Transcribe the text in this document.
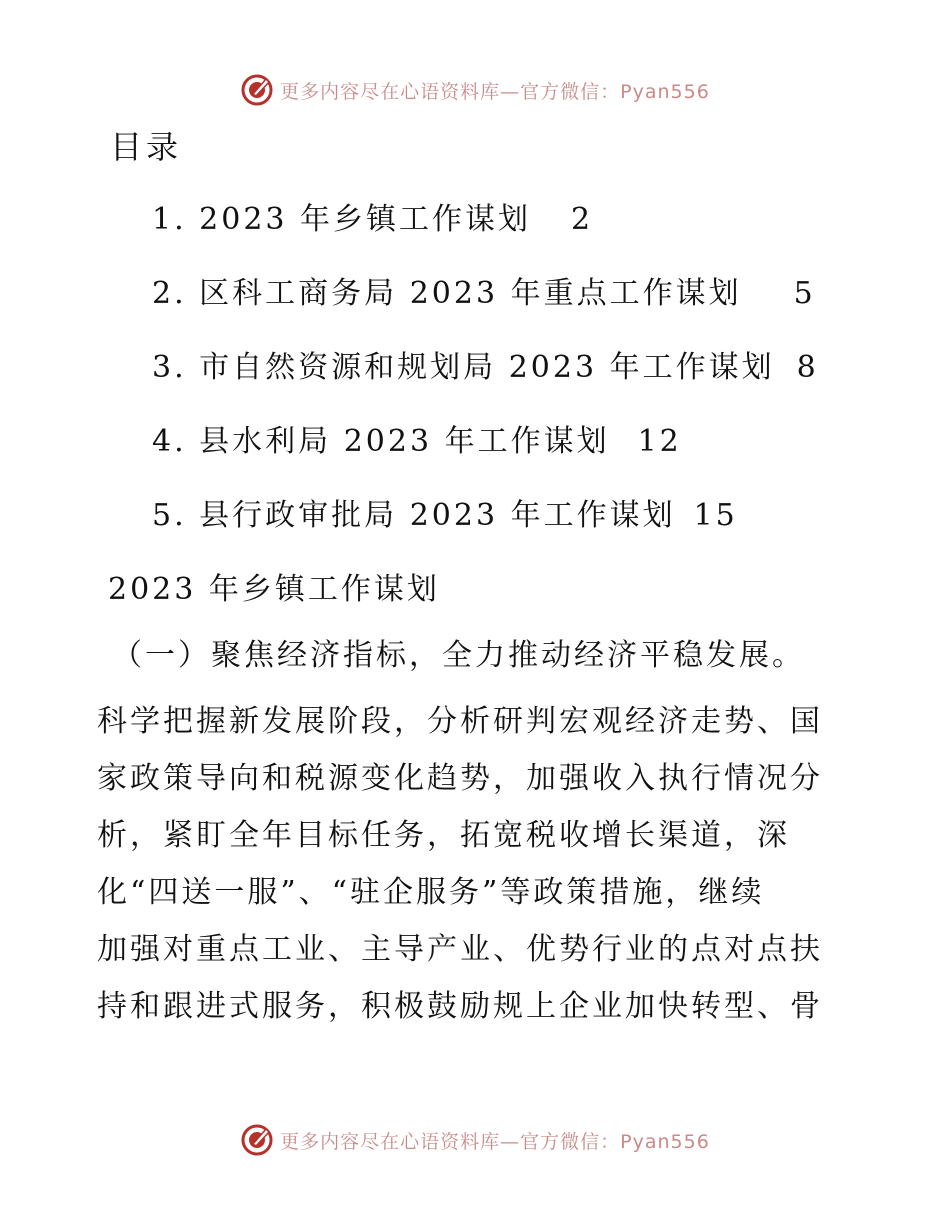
更多内容尽在心语资料库—官方微信：Pyan556
目录
1. 2023 年乡镇工作谋划 2
2. 区科工商务局 2023 年重点工作谋划 5
3. 市自然资源和规划局 2023 年工作谋划 8
4. 县水利局 2023 年工作谋划 12
5. 县行政审批局 2023 年工作谋划 15
2023 年乡镇工作谋划
（一）聚焦经济指标，全力推动经济平稳发展。

科学把握新发展阶段，分析研判宏观经济走势、国
家政策导向和税源变化趋势，加强收入执行情况分
析，紧盯全年目标任务，拓宽税收增长渠道，深
化“四送一服”、“驻企服务”等政策措施，继续
加强对重点工业、主导产业、优势行业的点对点扶
持和跟进式服务，积极鼓励规上企业加快转型、骨

更多内容尽在心语资料库—官方微信：Pyan556
